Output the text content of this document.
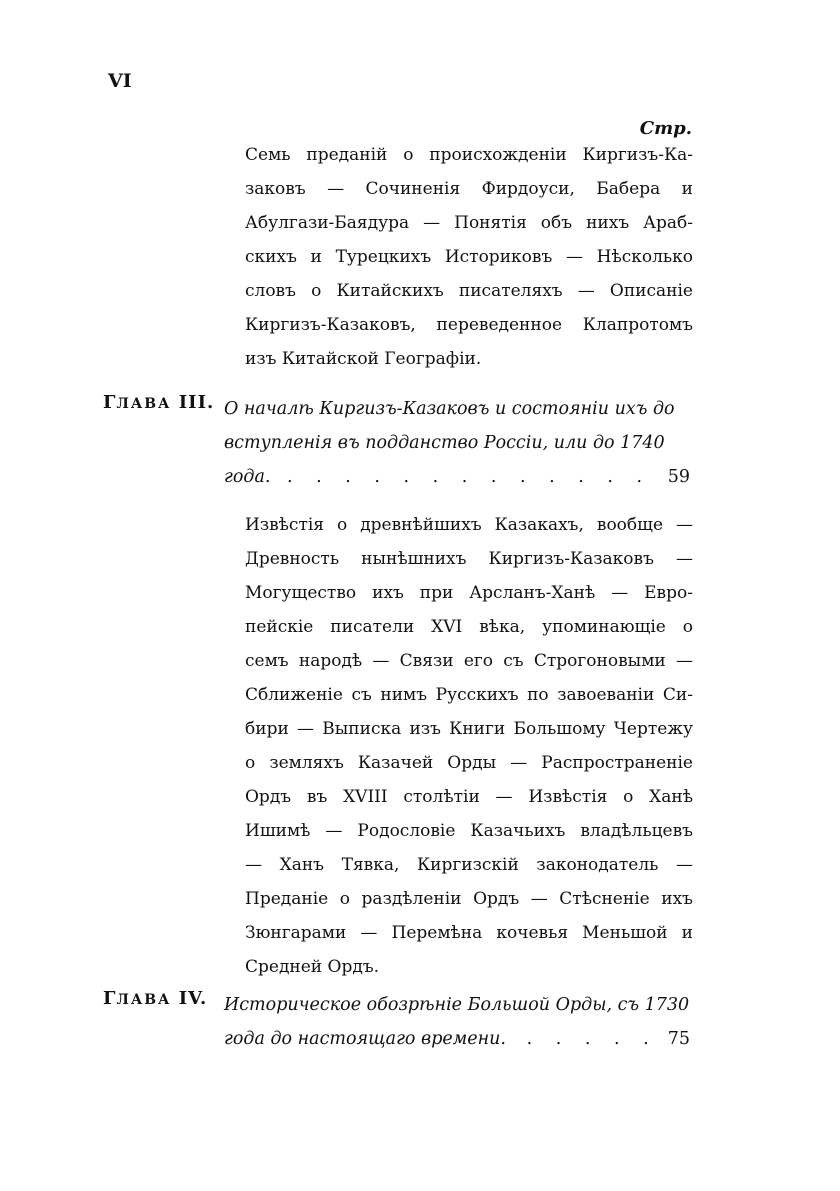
VI
Стр.

Семь преданій о происхожденіи Киргизъ-Ка-
заковъ — Сочиненія Фирдоуси, Бабера и
Абулгази-Баядура — Понятія объ нихъ Араб-
скихъ и Турецкихъ Историковъ — Нѣсколько
словъ о Китайскихъ писателяхъ — Описаніе
Киргизъ-Казаковъ, переведенное Клапротомъ
изъ Китайской Географіи.

ГЛАВА III. О началѣ Киргизъ-Казаковъ и состояніи ихъ до
вступленія въ подданство Россіи, или до 1740
года. . . . . . . . . . . . . . 59

Извѣстія о древнѣйшихъ Казакахъ, вообще —
Древность нынѣшнихъ Киргизъ-Казаковъ —
Могущество ихъ при Арсланъ-Ханѣ — Евро-
пейскіе писатели XVI вѣка, упоминающіе о
семъ народѣ — Связи его съ Строгоновыми —
Сближеніе съ нимъ Русскихъ по завоеваніи Си-
бири — Выписка изъ Книги Большому Чертежу
о земляхъ Казачей Орды — Распространеніе
Ордъ въ XVIII столѣтіи — Извѣстія о Ханѣ
Ишимѣ — Родословіе Казачьихъ владѣльцевъ
— Ханъ Тявка, Киргизскій законодатель —
Преданіе о раздѣленіи Ордъ — Стѣсненіе ихъ
Зюнгарами — Перемѣна кочевья Меньшой и
Средней Ордъ.

ГЛАВА IV. Историческое обозрѣніе Большой Орды, съ 1730
года до настоящаго времени. . . . . . 75
